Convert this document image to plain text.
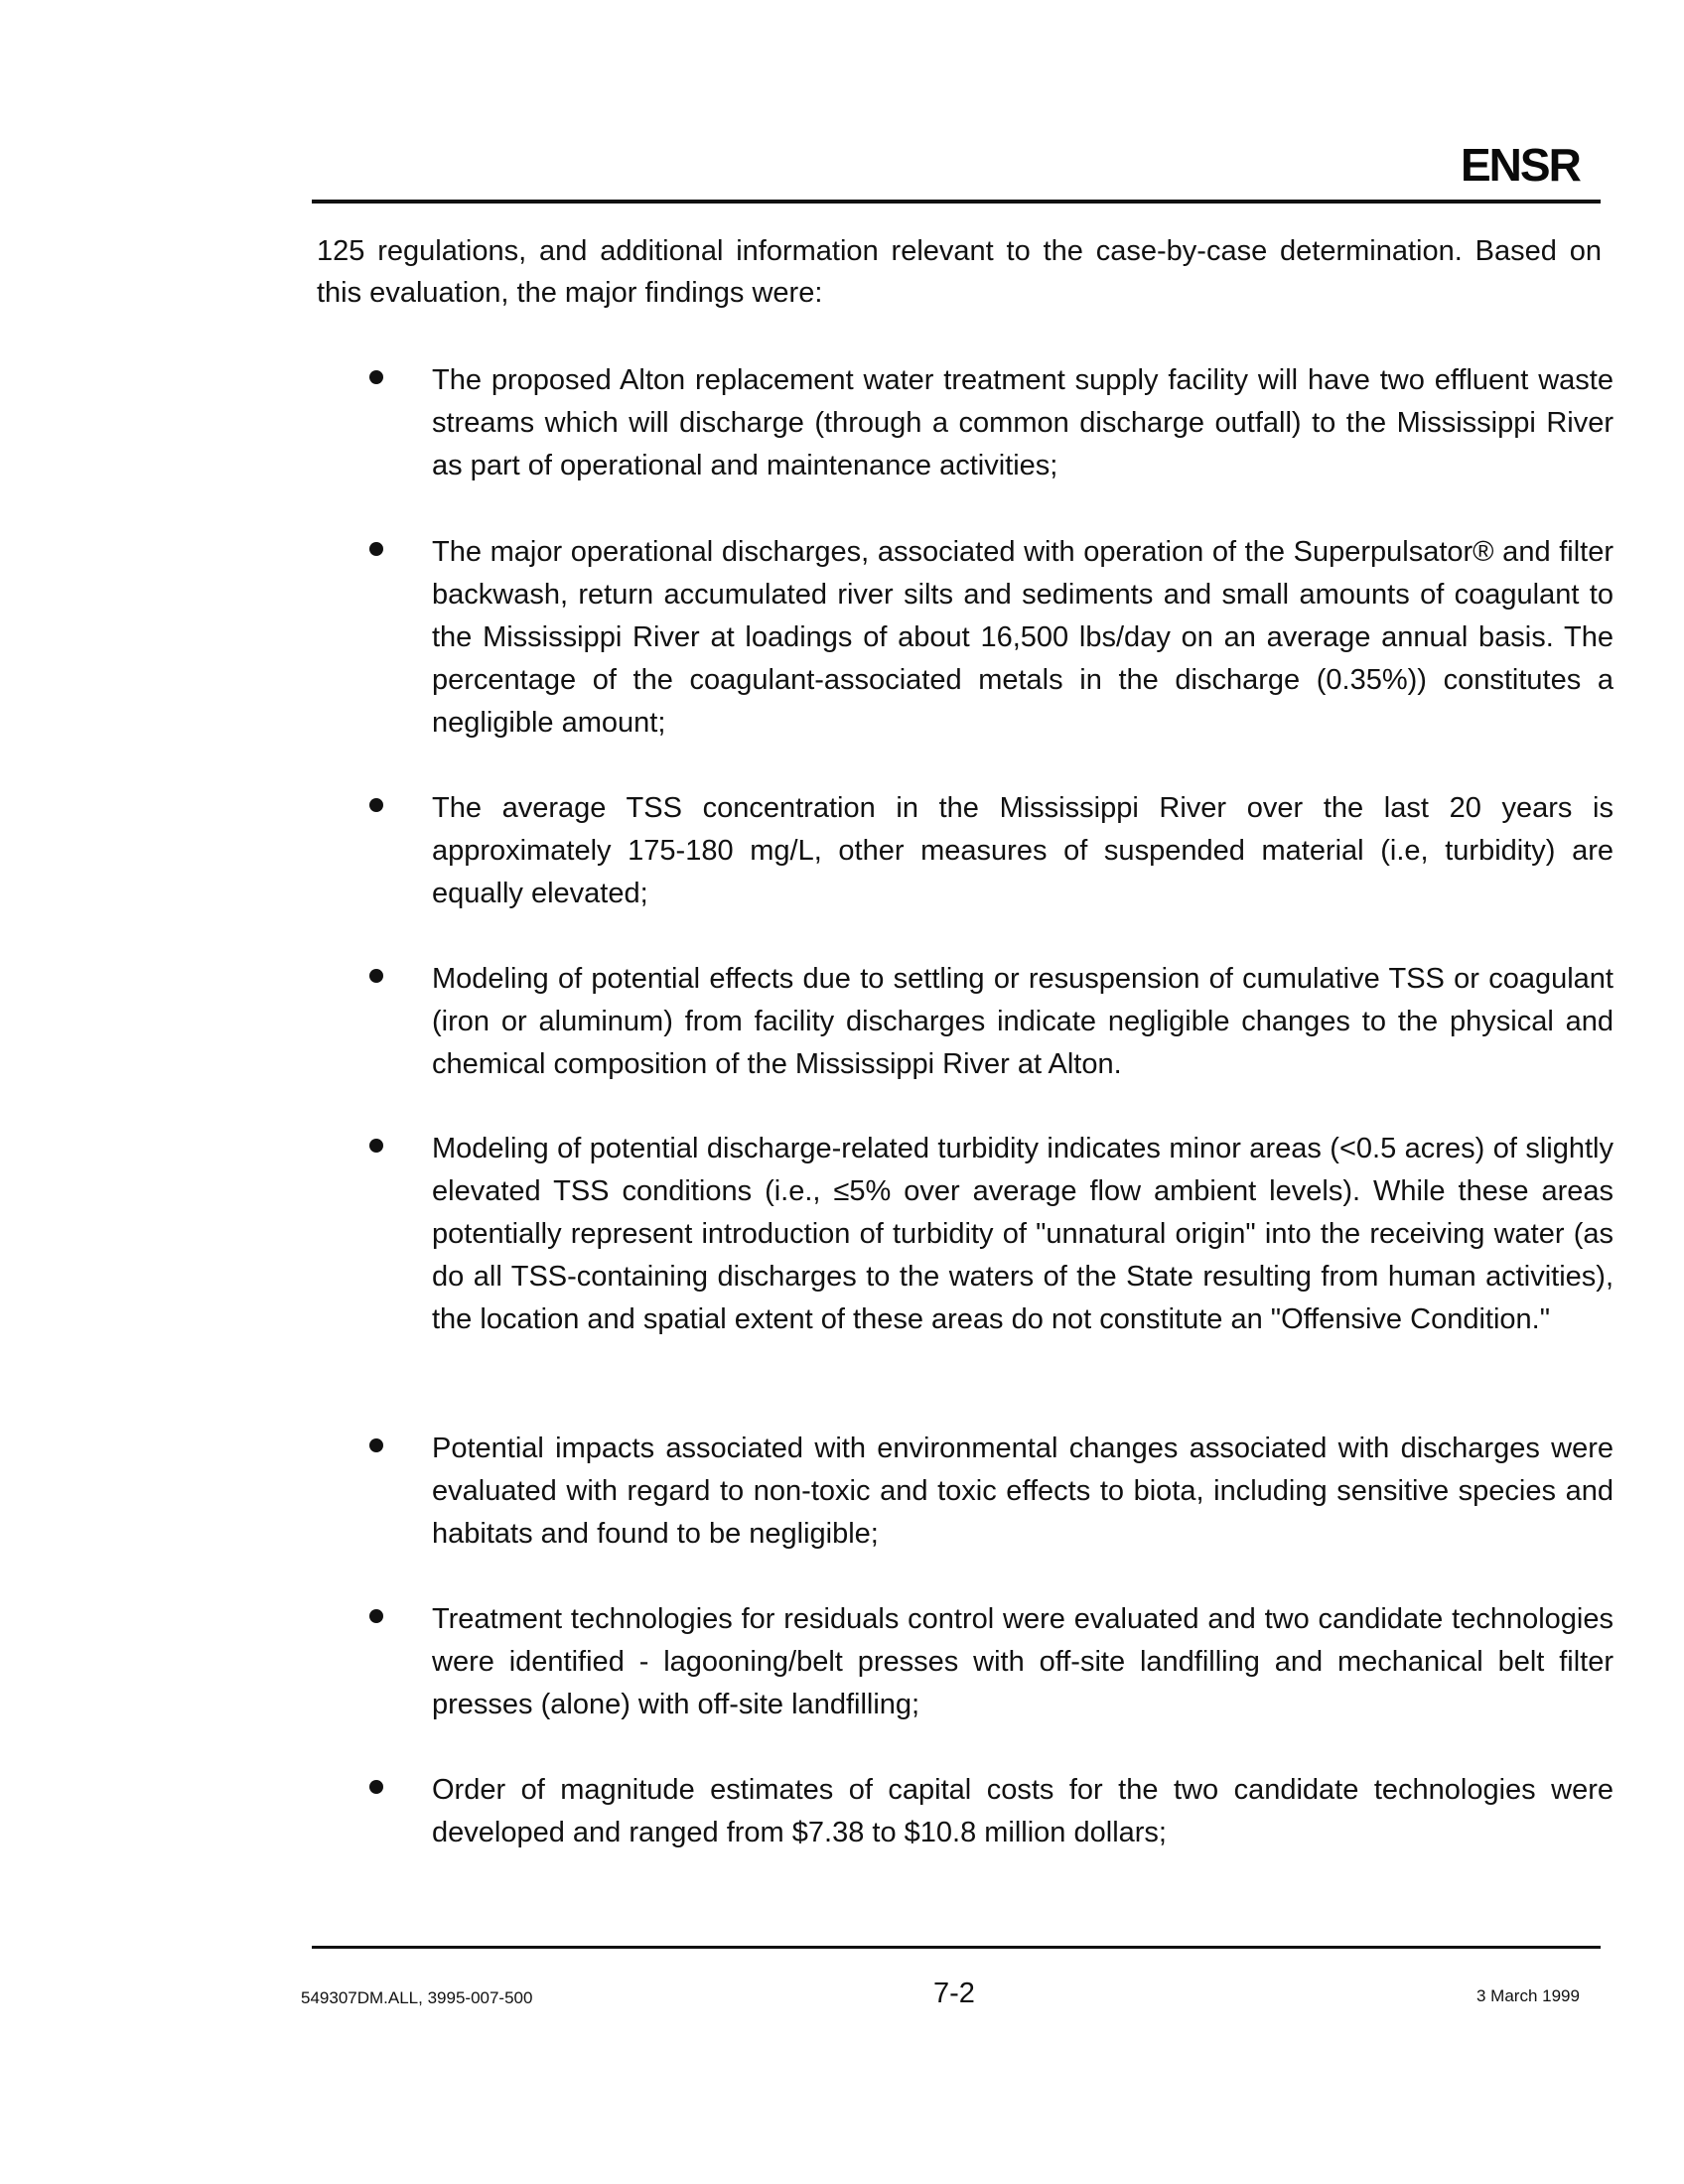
ENSR

125 regulations, and additional information relevant to the case-by-case determination. Based on this evaluation, the major findings were:

The proposed Alton replacement water treatment supply facility will have two effluent waste streams which will discharge (through a common discharge outfall) to the Mississippi River as part of operational and maintenance activities;

The major operational discharges, associated with operation of the Superpulsator® and filter backwash, return accumulated river silts and sediments and small amounts of coagulant to the Mississippi River at loadings of about 16,500 lbs/day on an average annual basis. The percentage of the coagulant-associated metals in the discharge (0.35%)) constitutes a negligible amount;

The average TSS concentration in the Mississippi River over the last 20 years is approximately 175-180 mg/L, other measures of suspended material (i.e, turbidity) are equally elevated;

Modeling of potential effects due to settling or resuspension of cumulative TSS or coagulant (iron or aluminum) from facility discharges indicate negligible changes to the physical and chemical composition of the Mississippi River at Alton.

Modeling of potential discharge-related turbidity indicates minor areas (<0.5 acres) of slightly elevated TSS conditions (i.e., ≤5% over average flow ambient levels). While these areas potentially represent introduction of turbidity of "unnatural origin" into the receiving water (as do all TSS-containing discharges to the waters of the State resulting from human activities), the location and spatial extent of these areas do not constitute an "Offensive Condition."

Potential impacts associated with environmental changes associated with discharges were evaluated with regard to non-toxic and toxic effects to biota, including sensitive species and habitats and found to be negligible;

Treatment technologies for residuals control were evaluated and two candidate technologies were identified - lagooning/belt presses with off-site landfilling and mechanical belt filter presses (alone) with off-site landfilling;

Order of magnitude estimates of capital costs for the two candidate technologies were developed and ranged from $7.38 to $10.8 million dollars;

549307DM.ALL, 3995-007-500	7-2	3 March 1999
